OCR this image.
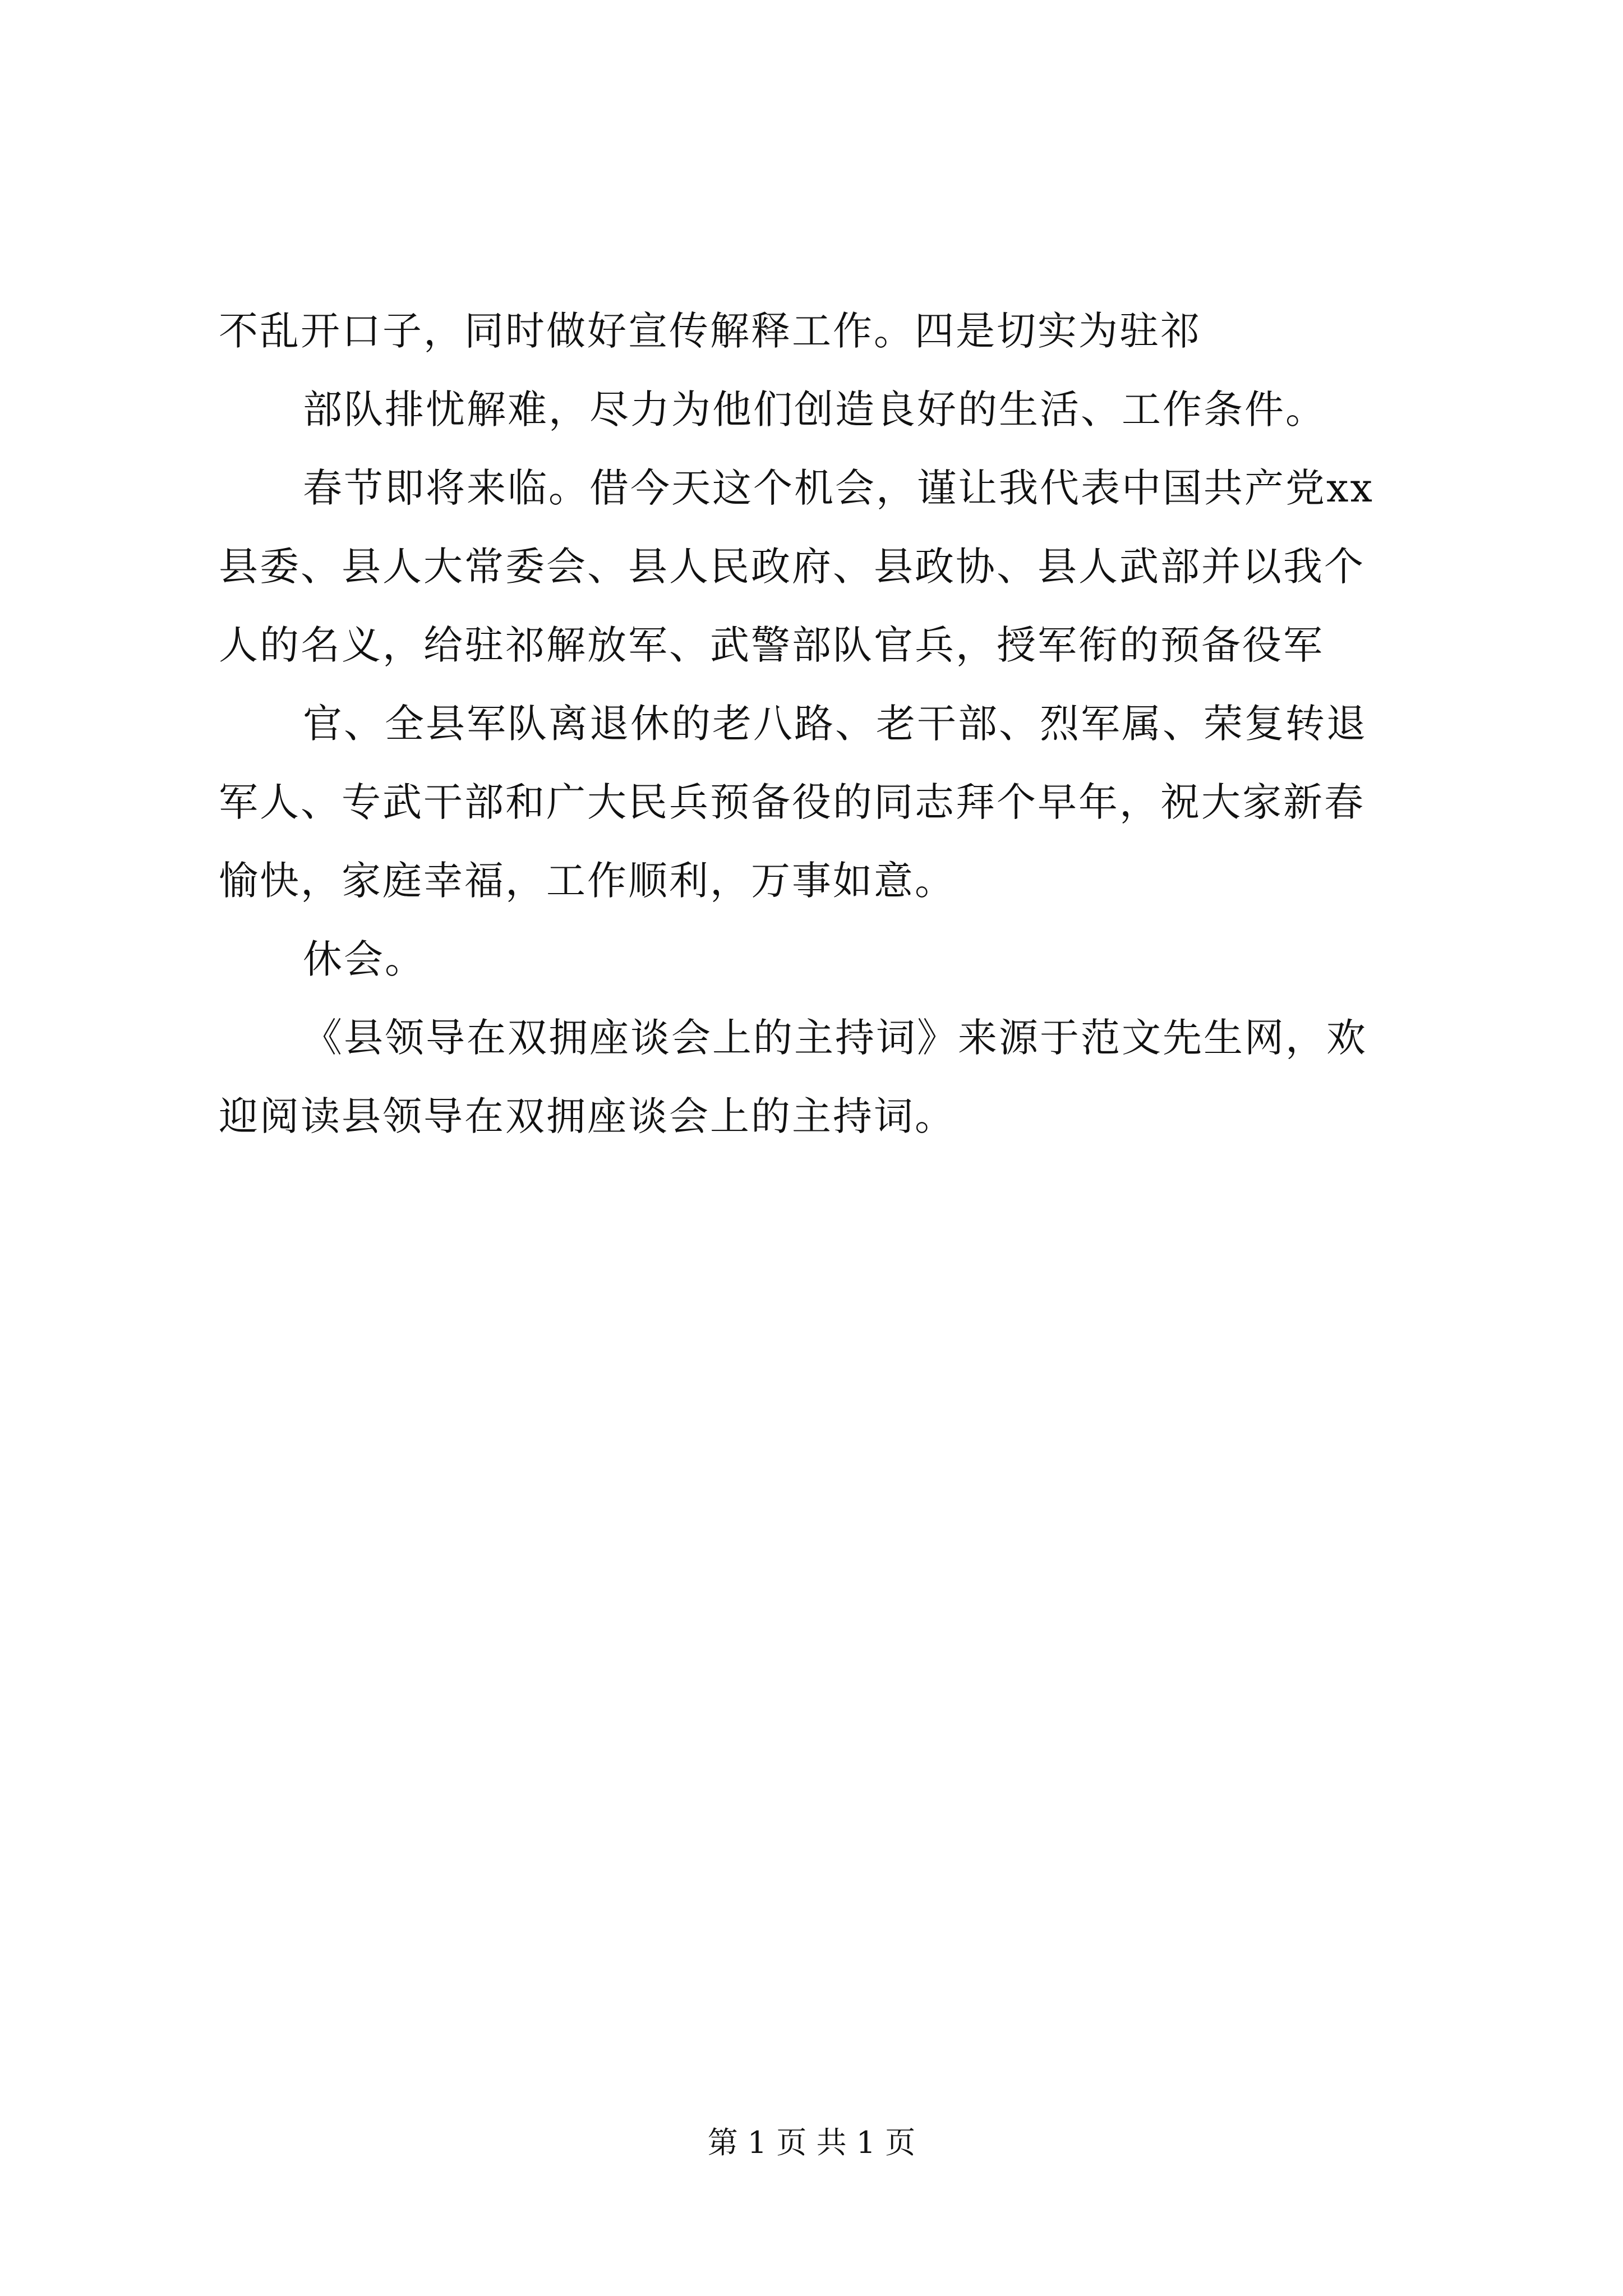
不乱开口子，同时做好宣传解释工作。四是切实为驻祁
部队排忧解难，尽力为他们创造良好的生活、工作条件。
春节即将来临。借今天这个机会，谨让我代表中国共产党xx
县委、县人大常委会、县人民政府、县政协、县人武部并以我个
人的名义，给驻祁解放军、武警部队官兵，授军衔的预备役军
官、全县军队离退休的老八路、老干部、烈军属、荣复转退
军人、专武干部和广大民兵预备役的同志拜个早年，祝大家新春
愉快，家庭幸福，工作顺利，万事如意。
休会。
《县领导在双拥座谈会上的主持词》来源于范文先生网，欢
迎阅读县领导在双拥座谈会上的主持词。
第 1 页 共 1 页
